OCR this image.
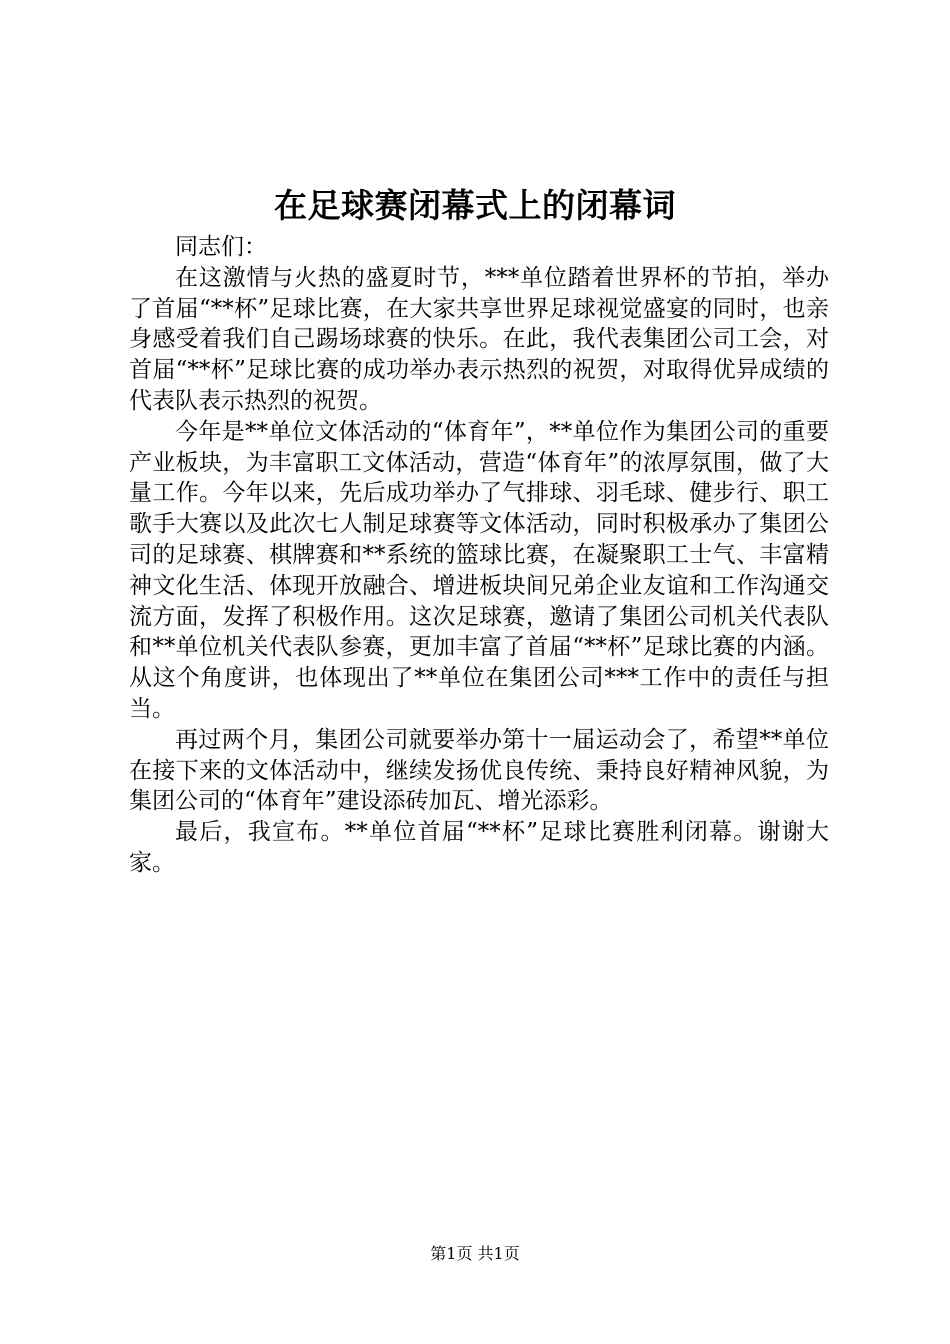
在足球赛闭幕式上的闭幕词

同志们：

在这激情与火热的盛夏时节，***单位踏着世界杯的节拍，举办了首届“**杯”足球比赛，在大家共享世界足球视觉盛宴的同时，也亲身感受着我们自己踢场球赛的快乐。在此，我代表集团公司工会，对首届“**杯”足球比赛的成功举办表示热烈的祝贺，对取得优异成绩的代表队表示热烈的祝贺。

今年是**单位文体活动的“体育年”，**单位作为集团公司的重要产业板块，为丰富职工文体活动，营造“体育年”的浓厚氛围，做了大量工作。今年以来，先后成功举办了气排球、羽毛球、健步行、职工歌手大赛以及此次七人制足球赛等文体活动，同时积极承办了集团公司的足球赛、棋牌赛和**系统的篮球比赛，在凝聚职工士气、丰富精神文化生活、体现开放融合、增进板块间兄弟企业友谊和工作沟通交流方面，发挥了积极作用。这次足球赛，邀请了集团公司机关代表队和**单位机关代表队参赛，更加丰富了首届“**杯”足球比赛的内涵。从这个角度讲，也体现出了**单位在集团公司***工作中的责任与担当。

再过两个月，集团公司就要举办第十一届运动会了，希望**单位在接下来的文体活动中，继续发扬优良传统、秉持良好精神风貌，为集团公司的“体育年”建设添砖加瓦、增光添彩。

最后，我宣布。**单位首届“**杯”足球比赛胜利闭幕。谢谢大家。

第1页 共1页
